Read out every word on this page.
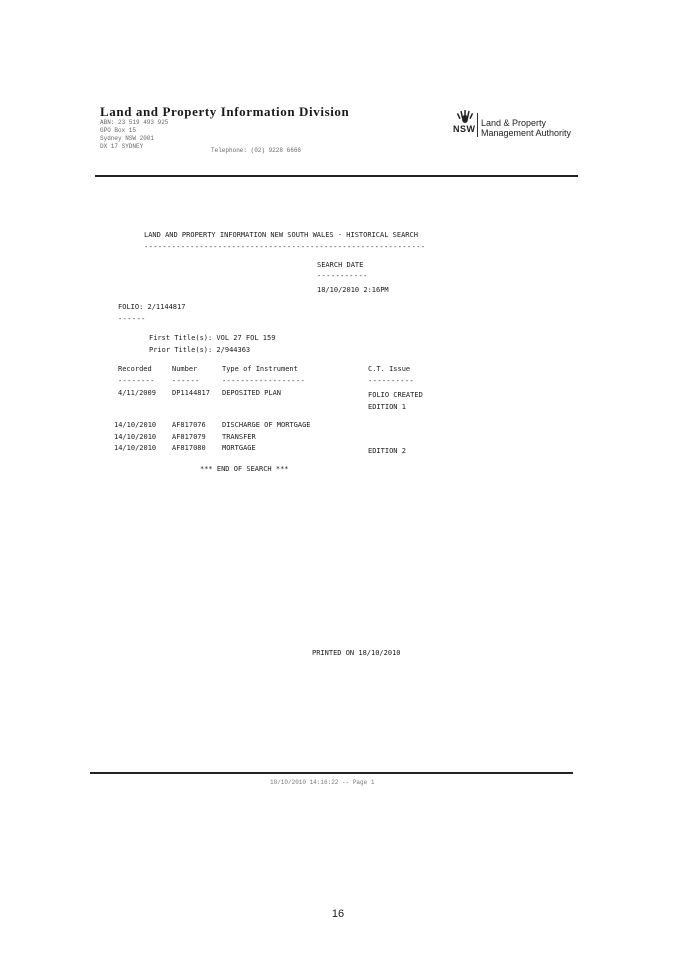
Land and Property Information Division
ABN: 23 519 493 925
GPO Box 15
Sydney NSW 2001
DX 17 SYDNEY
Telephone: (02) 9228 6666
NSW
Land & Property
Management Authority
LAND AND PROPERTY INFORMATION NEW SOUTH WALES - HISTORICAL SEARCH
-------------------------------------------------------------
SEARCH DATE
-----------
18/10/2010 2:16PM
FOLIO: 2/1144817
------
First Title(s): VOL 27 FOL 159
Prior Title(s): 2/944363
Recorded	Number	Type of Instrument	C.T. Issue
-------- ------	------------------	----------
4/11/2009 DP1144817 DEPOSITED PLAN	FOLIO CREATED
EDITION 1
14/10/2010 AF817076 DISCHARGE OF MORTGAGE
14/10/2010 AF817079 TRANSFER
14/10/2010 AF817080 MORTGAGE	EDITION 2
*** END OF SEARCH ***
PRINTED ON 18/10/2010
18/10/2010 14:16:22 -- Page 1
16
